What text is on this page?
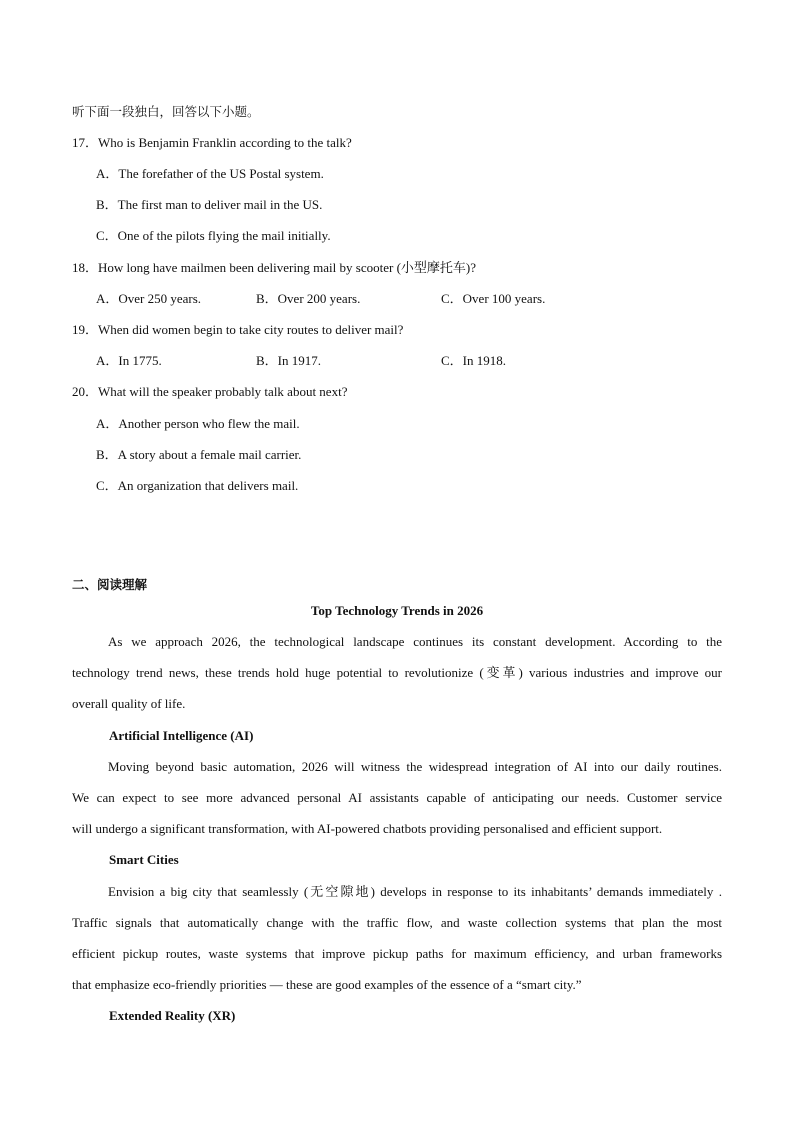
听下面一段独白，回答以下小题。
17．Who is Benjamin Franklin according to the talk?
A．The forefather of the US Postal system.
B．The first man to deliver mail in the US.
C．One of the pilots flying the mail initially.
18．How long have mailmen been delivering mail by scooter (小型摩托车)?
A．Over 250 years.	B．Over 200 years.	C．Over 100 years.
19．When did women begin to take city routes to deliver mail?
A．In 1775.	B．In 1917.	C．In 1918.
20．What will the speaker probably talk about next?
A．Another person who flew the mail.
B．A story about a female mail carrier.
C．An organization that delivers mail.
二、阅读理解
Top Technology Trends in 2026
As we approach 2026, the technological landscape continues its constant development. According to the
technology trend news, these trends hold huge potential to revolutionize (变革) various industries and improve our
overall quality of life.
Artificial Intelligence (AI)
Moving beyond basic automation, 2026 will witness the widespread integration of AI into our daily routines.
We can expect to see more advanced personal AI assistants capable of anticipating our needs. Customer service
will undergo a significant transformation, with AI-powered chatbots providing personalised and efficient support.
Smart Cities
Envision a big city that seamlessly (无空隙地) develops in response to its inhabitants’ demands immediately .
Traffic signals that automatically change with the traffic flow, and waste collection systems that plan the most
efficient pickup routes, waste systems that improve pickup paths for maximum efficiency, and urban frameworks
that emphasize eco-friendly priorities — these are good examples of the essence of a “smart city.”
Extended Reality (XR)
